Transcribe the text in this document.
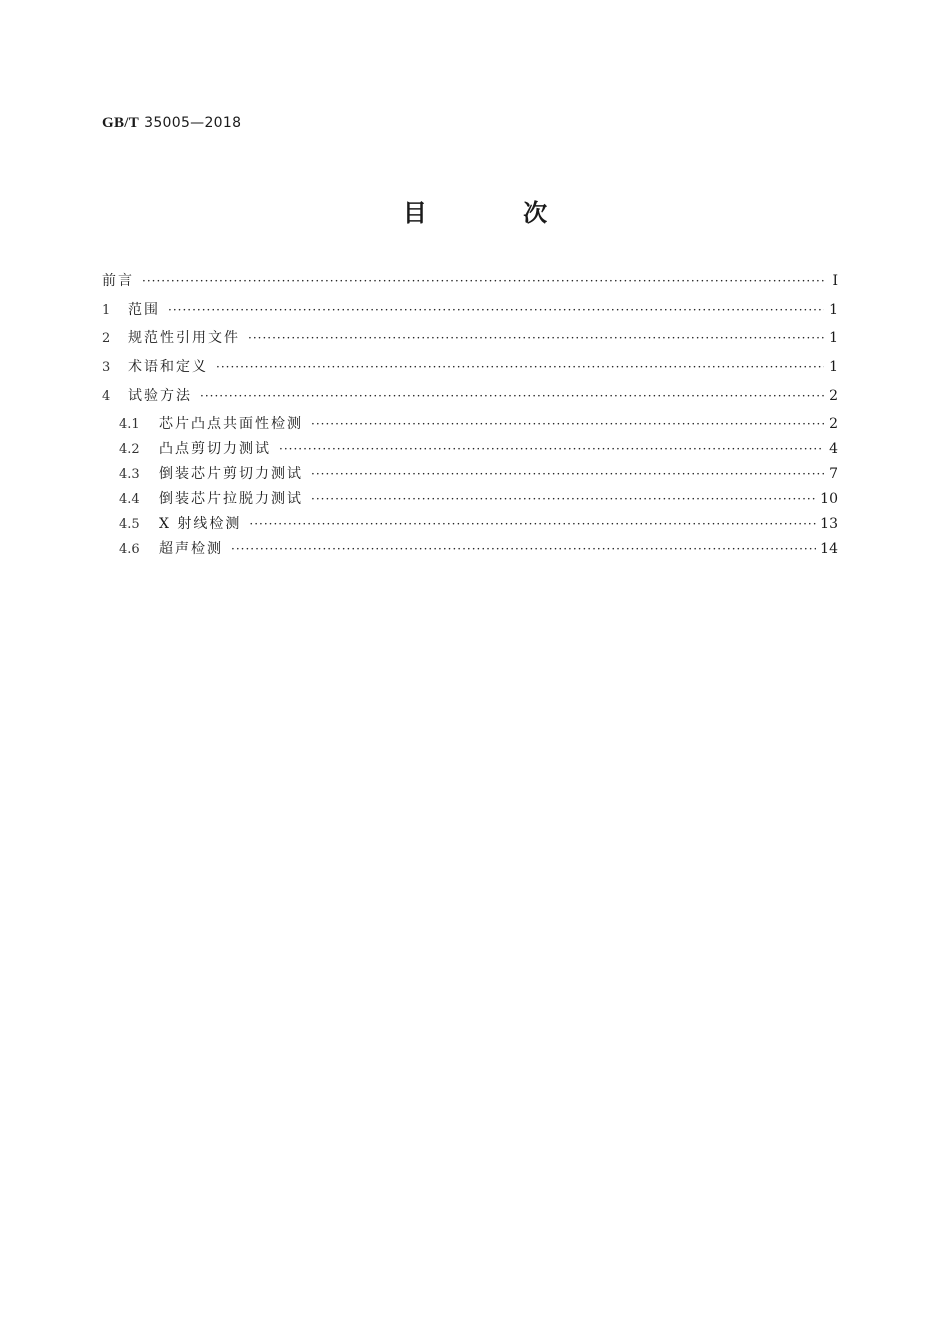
GB/T 35005—2018
目 次
前言 ·····	Ⅰ
1	范围 ·····	1
2	规范性引用文件 ·····	1
3	术语和定义 ·····	1
4	试验方法 ·····	2
4.1	芯片凸点共面性检测 ·····	2
4.2	凸点剪切力测试 ·····	4
4.3	倒装芯片剪切力测试 ·····	7
4.4	倒装芯片拉脱力测试 ·····	10
4.5	X 射线检测 ·····	13
4.6	超声检测 ·····	14
